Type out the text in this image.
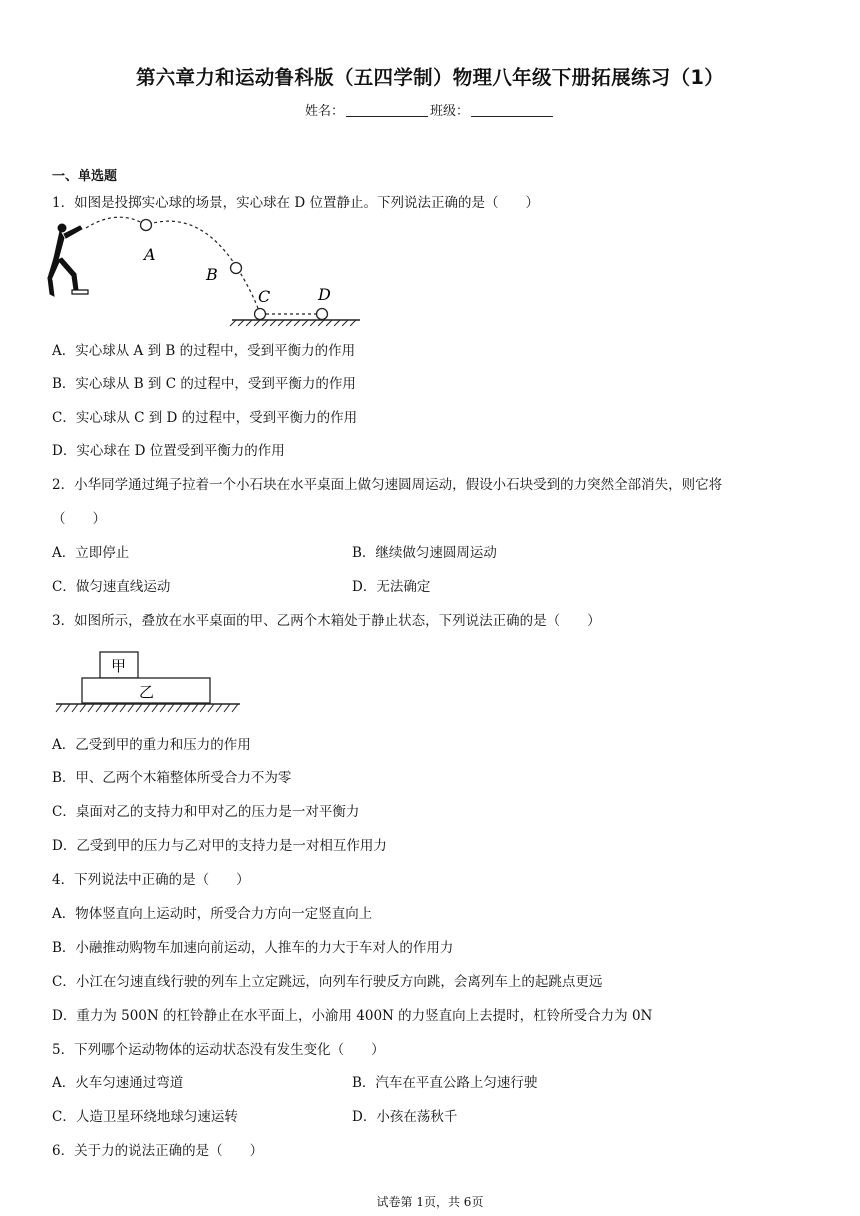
第六章力和运动鲁科版（五四学制）物理八年级下册拓展练习（1）
姓名：	班级：
一、单选题
1．如图是投掷实心球的场景，实心球在 D 位置静止。下列说法正确的是（　　）
A
B
C	D
A．实心球从 A 到 B 的过程中，受到平衡力的作用
B．实心球从 B 到 C 的过程中，受到平衡力的作用
C．实心球从 C 到 D 的过程中，受到平衡力的作用
D．实心球在 D 位置受到平衡力的作用
2．小华同学通过绳子拉着一个小石块在水平桌面上做匀速圆周运动，假设小石块受到的力突然全部消失，则它将
（　　）
A．立即停止	B．继续做匀速圆周运动
C．做匀速直线运动	D．无法确定
3．如图所示，叠放在水平桌面的甲、乙两个木箱处于静止状态，下列说法正确的是（　　）
甲
乙
A．乙受到甲的重力和压力的作用
B．甲、乙两个木箱整体所受合力不为零
C．桌面对乙的支持力和甲对乙的压力是一对平衡力
D．乙受到甲的压力与乙对甲的支持力是一对相互作用力
4．下列说法中正确的是（　　）
A．物体竖直向上运动时，所受合力方向一定竖直向上
B．小融推动购物车加速向前运动，人推车的力大于车对人的作用力
C．小江在匀速直线行驶的列车上立定跳远，向列车行驶反方向跳，会离列车上的起跳点更远
D．重力为 500N 的杠铃静止在水平面上，小渝用 400N 的力竖直向上去提时，杠铃所受合力为 0N
5．下列哪个运动物体的运动状态没有发生变化（　　）
A．火车匀速通过弯道	B．汽车在平直公路上匀速行驶
C．人造卫星环绕地球匀速运转	D．小孩在荡秋千
6．关于力的说法正确的是（　　）
试卷第 1页，共 6页
